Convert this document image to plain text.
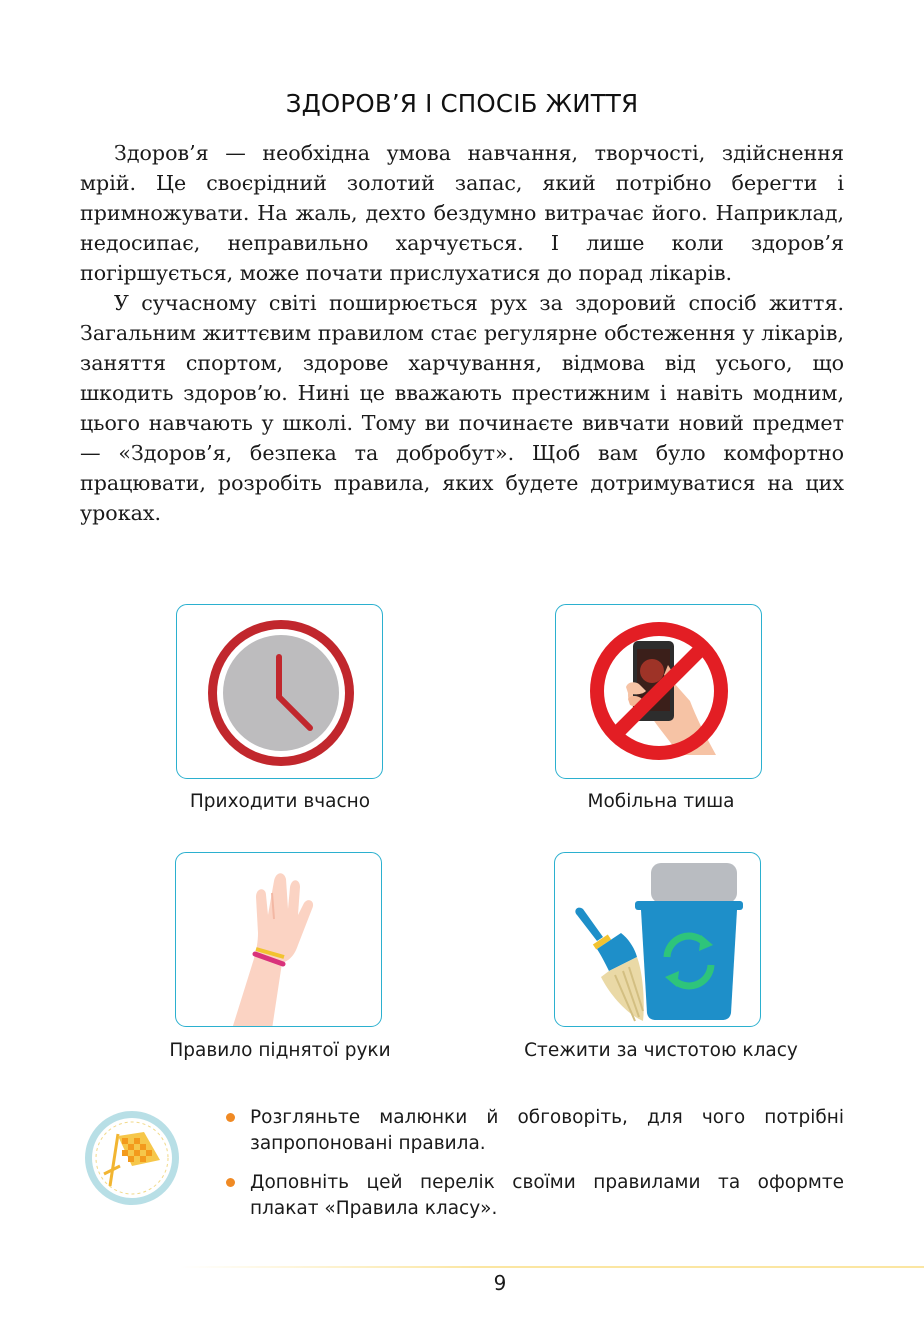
ЗДОРОВ’Я І СПОСІБ ЖИТТЯ

Здоров’я — необхідна умова навчання, творчості, здійснення мрій. Це своєрідний золотий запас, який потрібно берегти і примножувати. На жаль, дехто бездумно витрачає його. Наприклад, недосипає, неправильно харчується. І лише коли здоров’я погіршується, може почати прислухатися до порад лікарів.

У сучасному світі поширюється рух за здоровий спосіб життя. Загальним життєвим правилом стає регулярне обстеження у лікарів, заняття спортом, здорове харчування, відмова від усього, що шкодить здоров’ю. Нині це вважають престижним і навіть модним, цього навчають у школі. Тому ви починаєте вивчати новий предмет — «Здоров’я, безпека та добробут». Щоб вам було комфортно працювати, розробіть правила, яких будете дотримуватися на цих уроках.

Приходити вчасно	Мобільна тиша
Правило піднятої руки	Стежити за чистотою класу
Розгляньте малюнки й обговоріть, для чого потрібні запропоновані правила.
Доповніть цей перелік своїми правилами та оформте плакат «Правила класу».
9
